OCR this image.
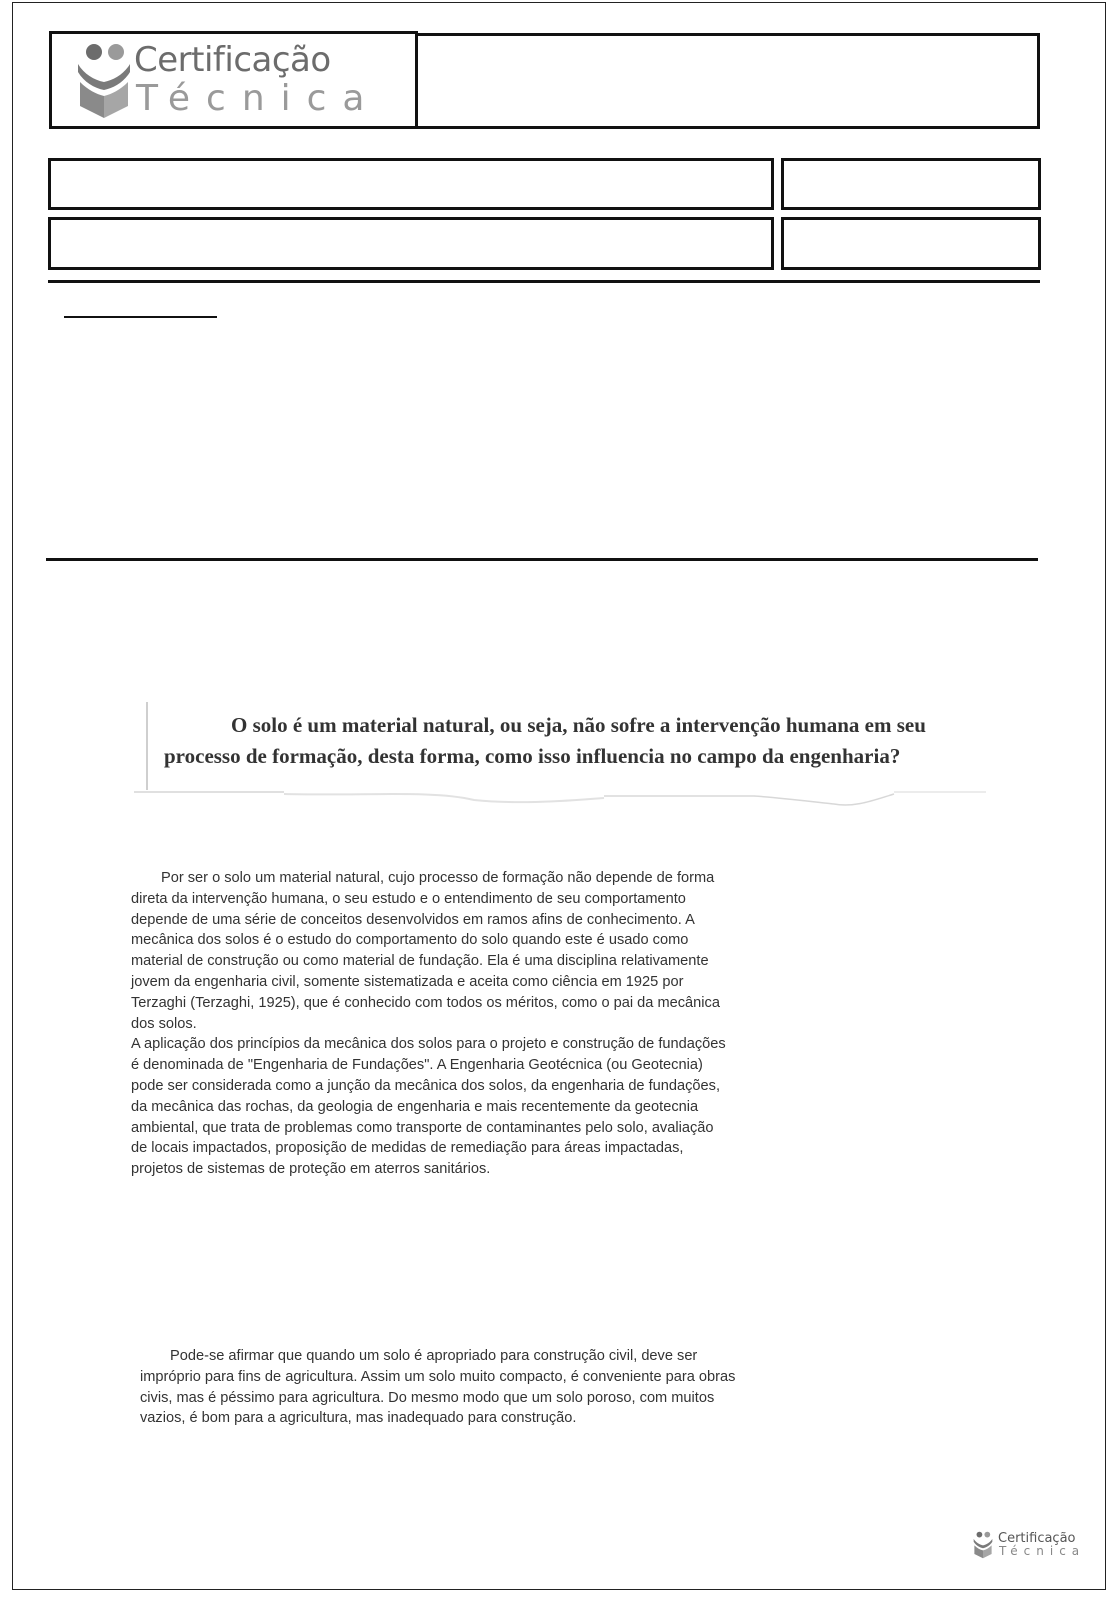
Certificação
Técnica

O solo é um material natural, ou seja, não sofre a intervenção humana em seu processo de formação, desta forma, como isso influencia no campo da engenharia?

Por ser o solo um material natural, cujo processo de formação não depende de forma direta da intervenção humana, o seu estudo e o entendimento de seu comportamento depende de uma série de conceitos desenvolvidos em ramos afins de conhecimento. A mecânica dos solos é o estudo do comportamento do solo quando este é usado como material de construção ou como material de fundação. Ela é uma disciplina relativamente jovem da engenharia civil, somente sistematizada e aceita como ciência em 1925 por Terzaghi (Terzaghi, 1925), que é conhecido com todos os méritos, como o pai da mecânica dos solos.
A aplicação dos princípios da mecânica dos solos para o projeto e construção de fundações é denominada de "Engenharia de Fundações". A Engenharia Geotécnica (ou Geotecnia) pode ser considerada como a junção da mecânica dos solos, da engenharia de fundações, da mecânica das rochas, da geologia de engenharia e mais recentemente da geotecnia ambiental, que trata de problemas como transporte de contaminantes pelo solo, avaliação de locais impactados, proposição de medidas de remediação para áreas impactadas, projetos de sistemas de proteção em aterros sanitários.

Pode-se afirmar que quando um solo é apropriado para construção civil, deve ser impróprio para fins de agricultura. Assim um solo muito compacto, é conveniente para obras civis, mas é péssimo para agricultura. Do mesmo modo que um solo poroso, com muitos vazios, é bom para a agricultura, mas inadequado para construção.

Certificação
Técnica
